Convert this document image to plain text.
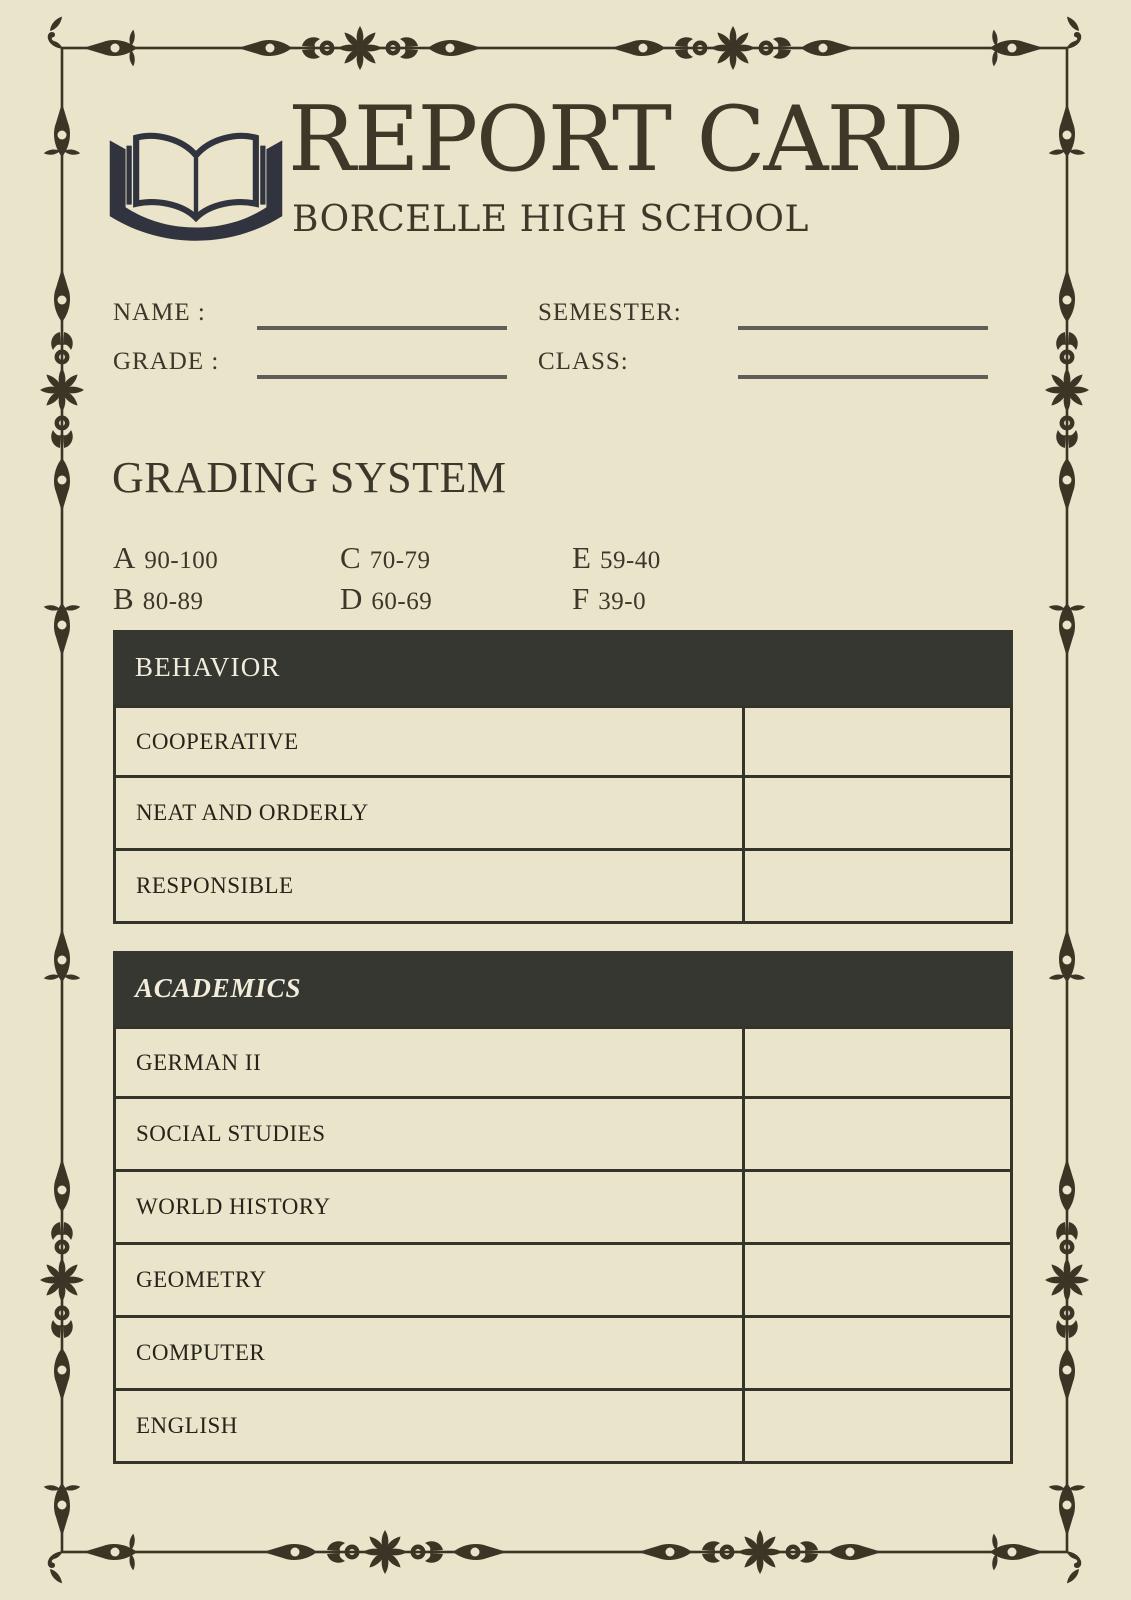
REPORT CARD
BORCELLE HIGH SCHOOL
NAME :	SEMESTER:
GRADE :	CLASS:
GRADING SYSTEM
A 90-100
B 80-89
C 70-79
D 60-69
E 59-40
F 39-0
BEHAVIOR
COOPERATIVE
NEAT AND ORDERLY
RESPONSIBLE
ACADEMICS
GERMAN II
SOCIAL STUDIES
WORLD HISTORY
GEOMETRY
COMPUTER
ENGLISH
